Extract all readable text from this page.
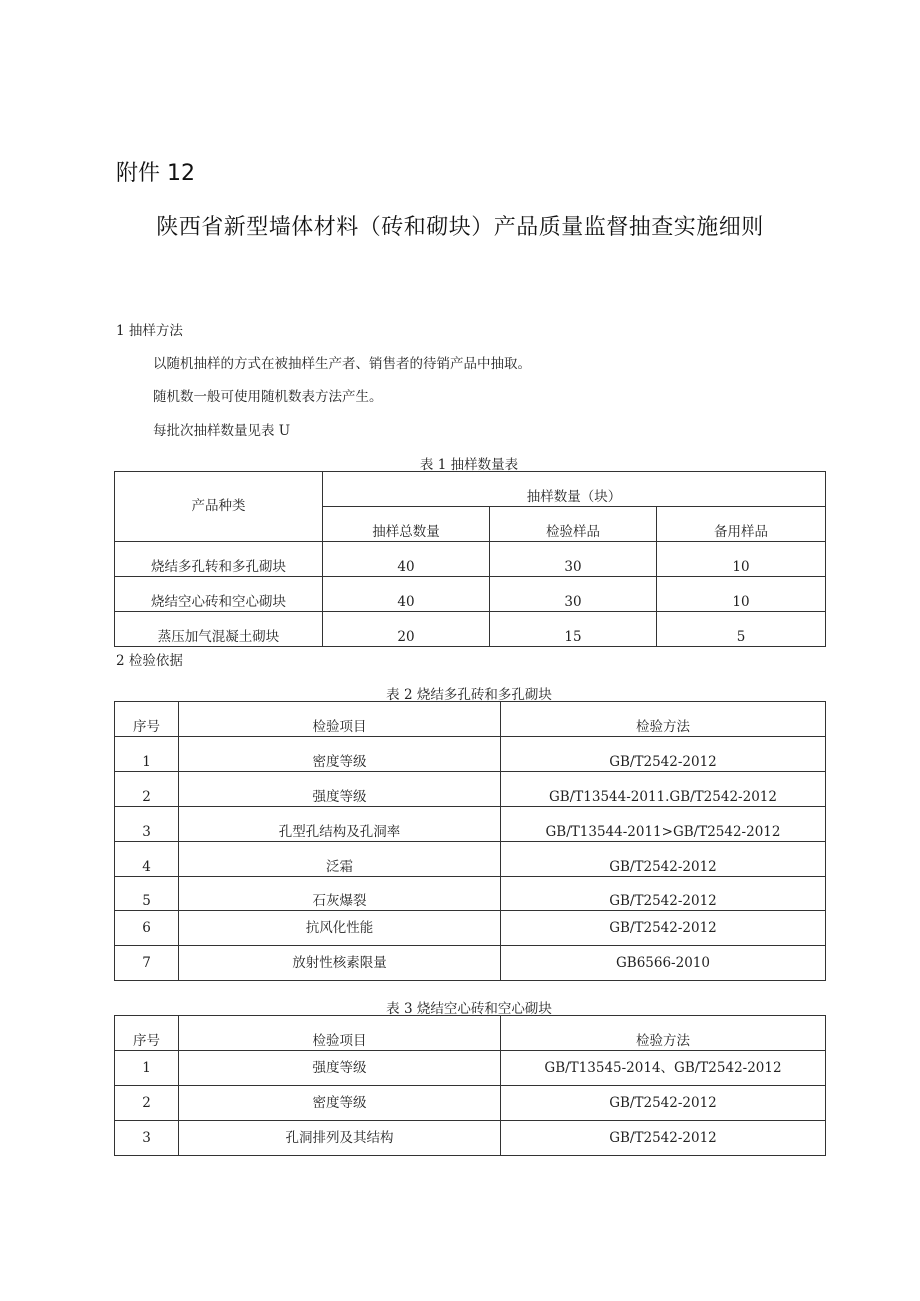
附件 12
陕西省新型墙体材料（砖和砌块）产品质量监督抽查实施细则
1 抽样方法
以随机抽样的方式在被抽样生产者、销售者的待销产品中抽取。
随机数一般可使用随机数表方法产生。
每批次抽样数量见表 U
表 1 抽样数量表
产品种类	抽样数量（块）		
	抽样总数量	检验样品	备用样品
烧结多孔转和多孔砌块	40	30	10
烧结空心砖和空心砌块	40	30	10
蒸压加气混凝土砌块	20	15	5
2 检验依据
表 2 烧结多孔砖和多孔砌块
序号	检验项目	检验方法
1	密度等级	GB/T2542-2012
2	强度等级	GB/T13544-2011.GB/T2542-2012
3	孔型孔结构及孔洞率	GB/T13544-2011>GB/T2542-2012
4	泛霜	GB/T2542-2012
5	石灰爆裂	GB/T2542-2012
6	抗风化性能	GB/T2542-2012
7	放射性核素限量	GB6566-2010
表 3 烧结空心砖和空心砌块
序号	检验项目	检验方法
1	强度等级	GB/T13545-2014、GB/T2542-2012
2	密度等级	GB/T2542-2012
3	孔洞排列及其结构	GB/T2542-2012
